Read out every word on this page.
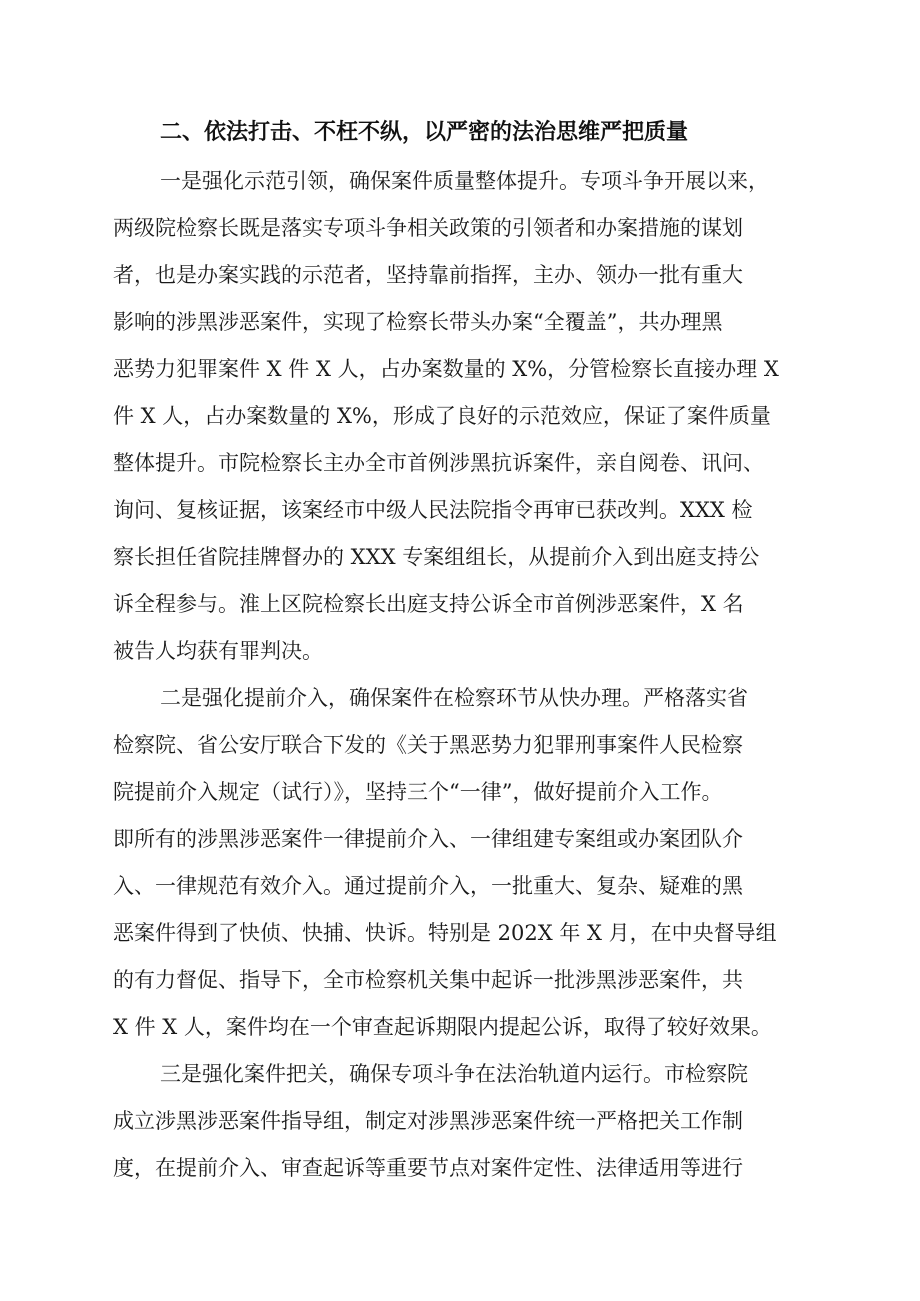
二、依法打击、不枉不纵，以严密的法治思维严把质量
一是强化示范引领，确保案件质量整体提升。专项斗争开展以来，
两级院检察长既是落实专项斗争相关政策的引领者和办案措施的谋划
者，也是办案实践的示范者，坚持靠前指挥，主办、领办一批有重大
影响的涉黑涉恶案件，实现了检察长带头办案“全覆盖”，共办理黑
恶势力犯罪案件 X 件 X 人，占办案数量的 X%，分管检察长直接办理 X
件 X 人，占办案数量的 X%，形成了良好的示范效应，保证了案件质量
整体提升。市院检察长主办全市首例涉黑抗诉案件，亲自阅卷、讯问、
询问、复核证据，该案经市中级人民法院指令再审已获改判。XXX 检
察长担任省院挂牌督办的 XXX 专案组组长，从提前介入到出庭支持公
诉全程参与。淮上区院检察长出庭支持公诉全市首例涉恶案件，X 名
被告人均获有罪判决。
二是强化提前介入，确保案件在检察环节从快办理。严格落实省
检察院、省公安厅联合下发的《关于黑恶势力犯罪刑事案件人民检察
院提前介入规定（试行）》，坚持三个“一律”，做好提前介入工作。
即所有的涉黑涉恶案件一律提前介入、一律组建专案组或办案团队介
入、一律规范有效介入。通过提前介入，一批重大、复杂、疑难的黑
恶案件得到了快侦、快捕、快诉。特别是 202X 年 X 月，在中央督导组
的有力督促、指导下，全市检察机关集中起诉一批涉黑涉恶案件，共
X 件 X 人，案件均在一个审查起诉期限内提起公诉，取得了较好效果。
三是强化案件把关，确保专项斗争在法治轨道内运行。市检察院
成立涉黑涉恶案件指导组，制定对涉黑涉恶案件统一严格把关工作制
度，在提前介入、审查起诉等重要节点对案件定性、法律适用等进行
